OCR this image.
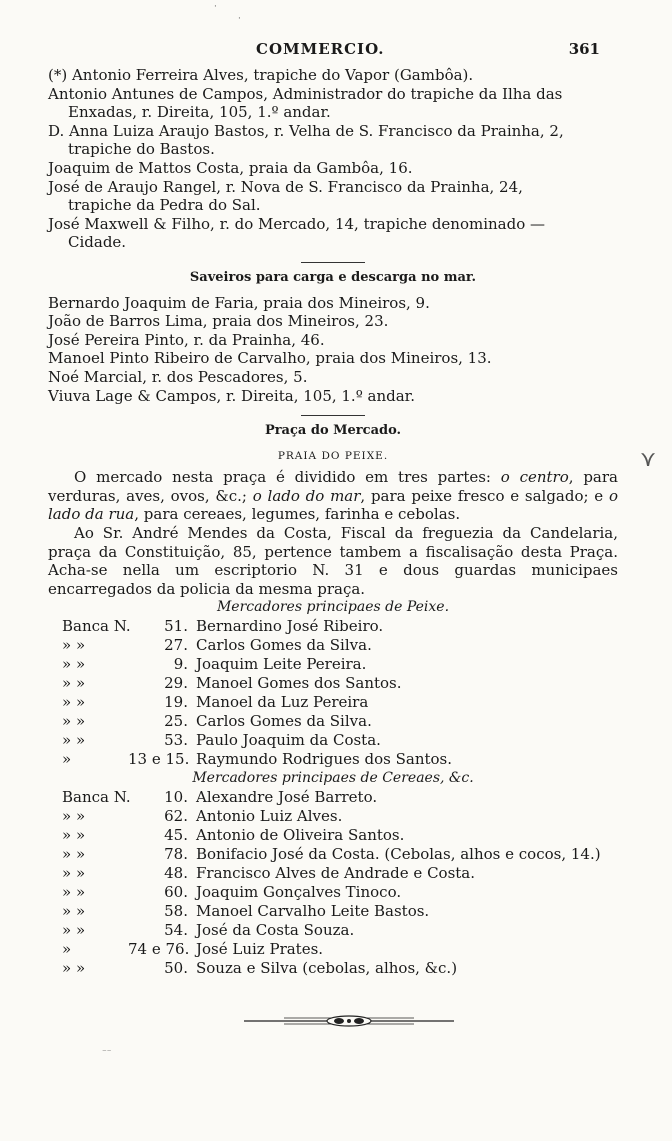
·
·
⁻⁻
COMMERCIO.	361
⋎
(*) Antonio Ferreira Alves, trapiche do Vapor (Gambôa).
Antonio Antunes de Campos, Administrador do trapiche da Ilha das
Enxadas, r. Direita, 105, 1.º andar.
D. Anna Luiza Araujo Bastos, r. Velha de S. Francisco da Prainha, 2,
trapiche do Bastos.
Joaquim de Mattos Costa, praia da Gambôa, 16.
José de Araujo Rangel, r. Nova de S. Francisco da Prainha, 24,
trapiche da Pedra do Sal.
José Maxwell & Filho, r. do Mercado, 14, trapiche denominado —
Cidade.
Saveiros para carga e descarga no mar.
Bernardo Joaquim de Faria, praia dos Mineiros, 9.
João de Barros Lima, praia dos Mineiros, 23.
José Pereira Pinto, r. da Prainha, 46.
Manoel Pinto Ribeiro de Carvalho, praia dos Mineiros, 13.
Noé Marcial, r. dos Pescadores, 5.
Viuva Lage & Campos, r. Direita, 105, 1.º andar.
Praça do Mercado.
PRAIA DO PEIXE.

O mercado nesta praça é dividido em tres partes: o centro, para verduras, aves, ovos, &c.; o lado do mar, para peixe fresco e salgado; e o lado da rua, para cereaes, legumes, farinha e cebolas.

Ao Sr. André Mendes da Costa, Fiscal da freguezia da Candelaria, praça da Constituição, 85, pertence tambem a fiscalisação desta Praça. Acha-se nella um escriptorio N. 31 e dous guardas municipaes encarregados da policia da mesma praça.

Mercadores principaes de Peixe.
Banca N.	51. Bernardino José Ribeiro.
» »	27. Carlos Gomes da Silva.
» »	9. Joaquim Leite Pereira.
» »	29. Manoel Gomes dos Santos.
» »	19. Manoel da Luz Pereira
» »	25. Carlos Gomes da Silva.
» »	53. Paulo Joaquim da Costa.
»	13 e 15. Raymundo Rodrigues dos Santos.
Mercadores principaes de Cereaes, &c.
Banca N.	10. Alexandre José Barreto.
» »	62. Antonio Luiz Alves.
» »	45. Antonio de Oliveira Santos.
» »	78. Bonifacio José da Costa. (Cebolas, alhos e cocos, 14.)
» »	48. Francisco Alves de Andrade e Costa.
» »	60. Joaquim Gonçalves Tinoco.
» »	58. Manoel Carvalho Leite Bastos.
» »	54. José da Costa Souza.
»	74 e 76. José Luiz Prates.
» »	50. Souza e Silva (cebolas, alhos, &c.)
